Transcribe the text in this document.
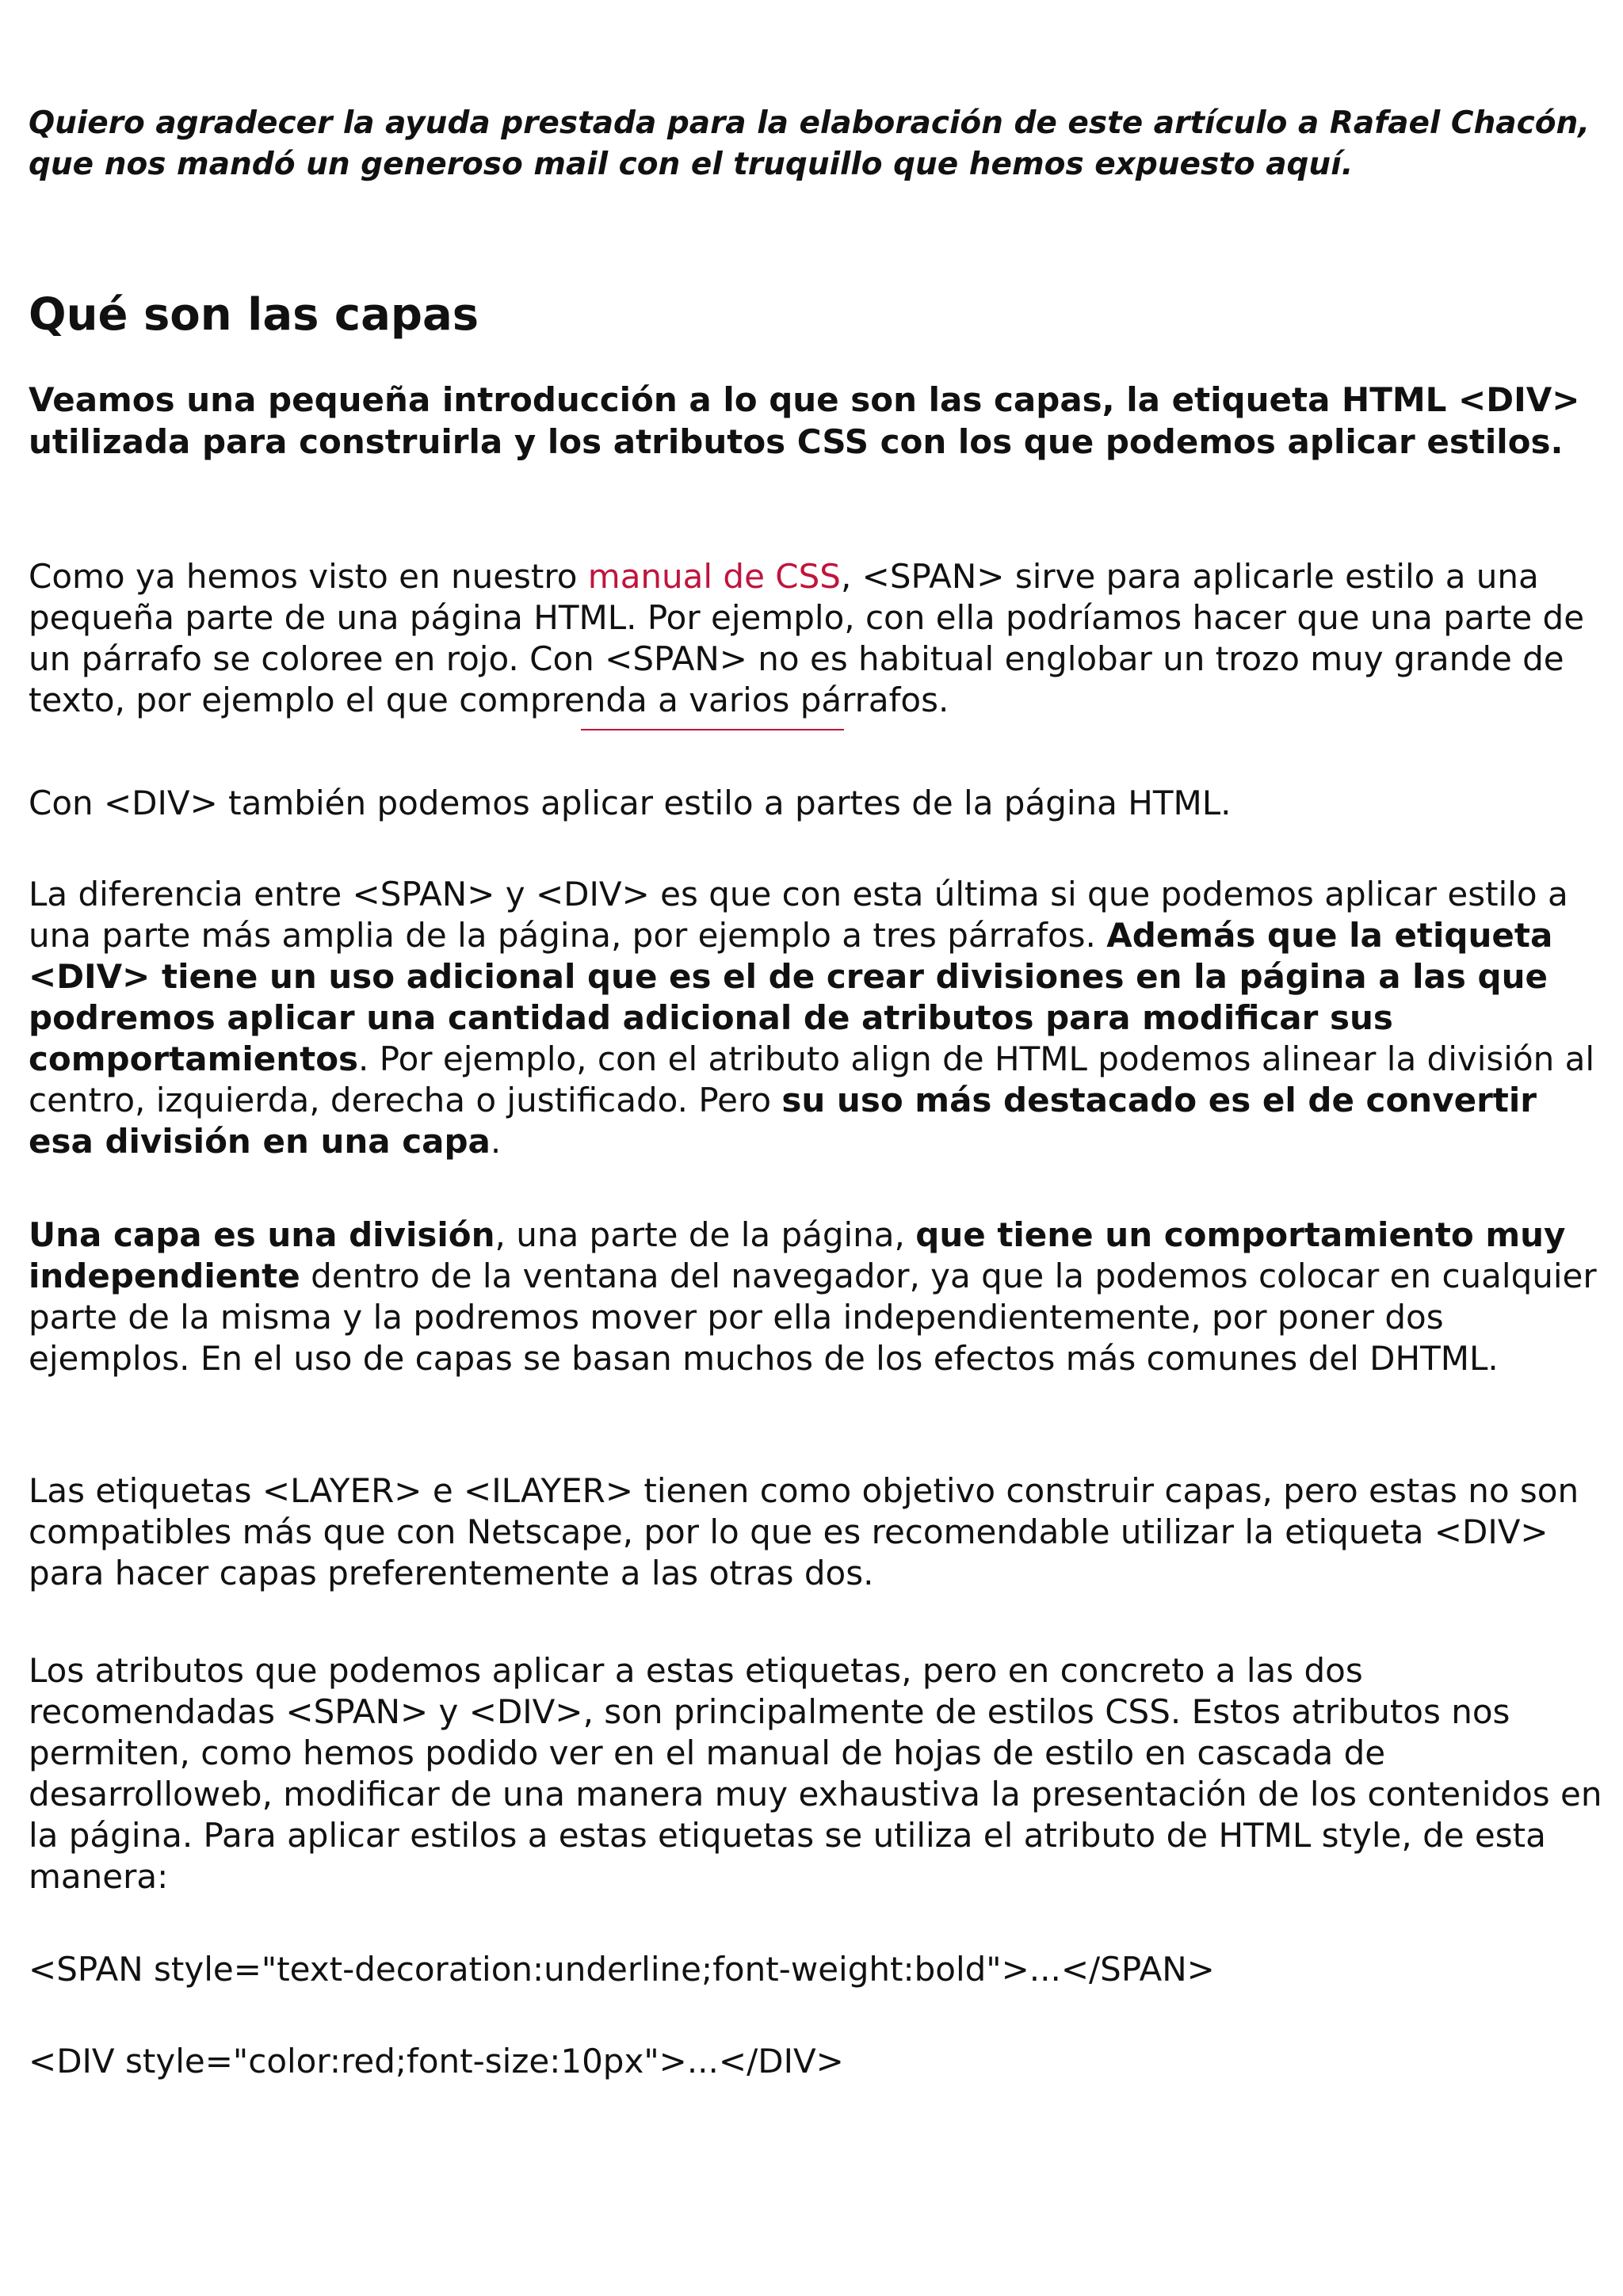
Quiero agradecer la ayuda prestada para la elaboración de este artículo a Rafael Chacón, que nos mandó un generoso mail con el truquillo que hemos expuesto aquí.

Qué son las capas

Veamos una pequeña introducción a lo que son las capas, la etiqueta HTML <DIV> utilizada para construirla y los atributos CSS con los que podemos aplicar estilos.

Como ya hemos visto en nuestro manual de CSS, <SPAN> sirve para aplicarle estilo a una pequeña parte de una página HTML. Por ejemplo, con ella podríamos hacer que una parte de un párrafo se coloree en rojo. Con <SPAN> no es habitual englobar un trozo muy grande de texto, por ejemplo el que comprenda a varios párrafos.

Con <DIV> también podemos aplicar estilo a partes de la página HTML.

La diferencia entre <SPAN> y <DIV> es que con esta última si que podemos aplicar estilo a una parte más amplia de la página, por ejemplo a tres párrafos. Además que la etiqueta <DIV> tiene un uso adicional que es el de crear divisiones en la página a las que podremos aplicar una cantidad adicional de atributos para modificar sus comportamientos. Por ejemplo, con el atributo align de HTML podemos alinear la división al centro, izquierda, derecha o justificado. Pero su uso más destacado es el de convertir esa división en una capa.

Una capa es una división, una parte de la página, que tiene un comportamiento muy independiente dentro de la ventana del navegador, ya que la podemos colocar en cualquier parte de la misma y la podremos mover por ella independientemente, por poner dos ejemplos. En el uso de capas se basan muchos de los efectos más comunes del DHTML.

Las etiquetas <LAYER> e <ILAYER> tienen como objetivo construir capas, pero estas no son compatibles más que con Netscape, por lo que es recomendable utilizar la etiqueta <DIV> para hacer capas preferentemente a las otras dos.

Los atributos que podemos aplicar a estas etiquetas, pero en concreto a las dos recomendadas <SPAN> y <DIV>, son principalmente de estilos CSS. Estos atributos nos permiten, como hemos podido ver en el manual de hojas de estilo en cascada de desarrolloweb, modificar de una manera muy exhaustiva la presentación de los contenidos en la página. Para aplicar estilos a estas etiquetas se utiliza el atributo de HTML style, de esta manera:

<SPAN style="text-decoration:underline;font-weight:bold">...</SPAN>

<DIV style="color:red;font-size:10px">...</DIV>
